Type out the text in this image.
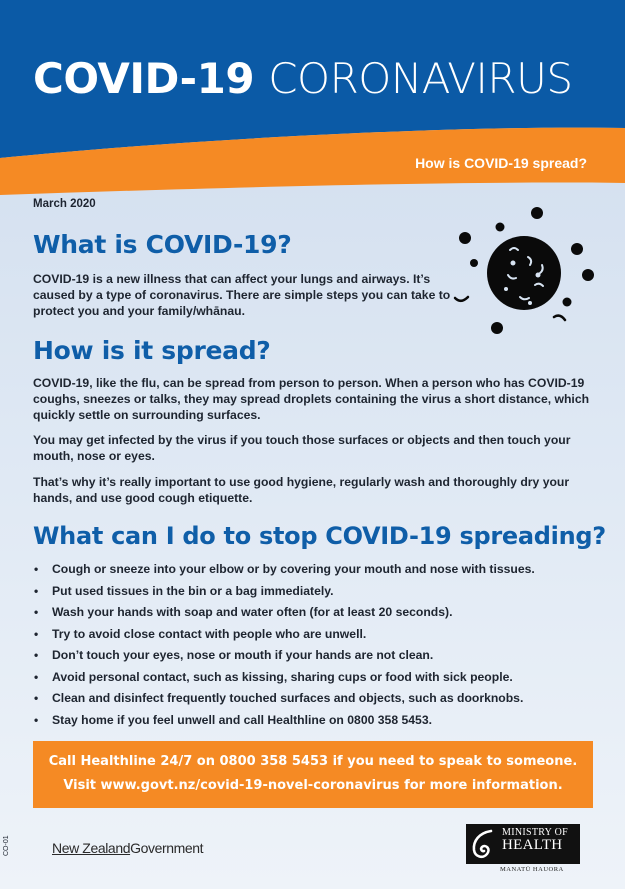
COVID-19 CORONAVIRUS
How is COVID-19 spread?
March 2020
What is COVID-19?

COVID-19 is a new illness that can affect your lungs and airways. It’s caused by a type of coronavirus. There are simple steps you can take to protect you and your family/whānau.

How is it spread?

COVID-19, like the flu, can be spread from person to person. When a person who has COVID-19 coughs, sneezes or talks, they may spread droplets containing the virus a short distance, which quickly settle on surrounding surfaces.

You may get infected by the virus if you touch those surfaces or objects and then touch your mouth, nose or eyes.

That’s why it’s really important to use good hygiene, regularly wash and thoroughly dry your hands, and use good cough etiquette.

What can I do to stop COVID-19 spreading?
• Cough or sneeze into your elbow or by covering your mouth and nose with tissues.
• Put used tissues in the bin or a bag immediately.
• Wash your hands with soap and water often (for at least 20 seconds).
• Try to avoid close contact with people who are unwell.
• Don’t touch your eyes, nose or mouth if your hands are not clean.
• Avoid personal contact, such as kissing, sharing cups or food with sick people.
• Clean and disinfect frequently touched surfaces and objects, such as doorknobs.
• Stay home if you feel unwell and call Healthline on 0800 358 5453.

Call Healthline 24/7 on 0800 358 5453 if you need to speak to someone.

Visit www.govt.nz/covid-19-novel-coronavirus for more information.

CO-01	New ZealandGovernment
MINISTRY OF
HEALTH
MANATŪ HAUORA
